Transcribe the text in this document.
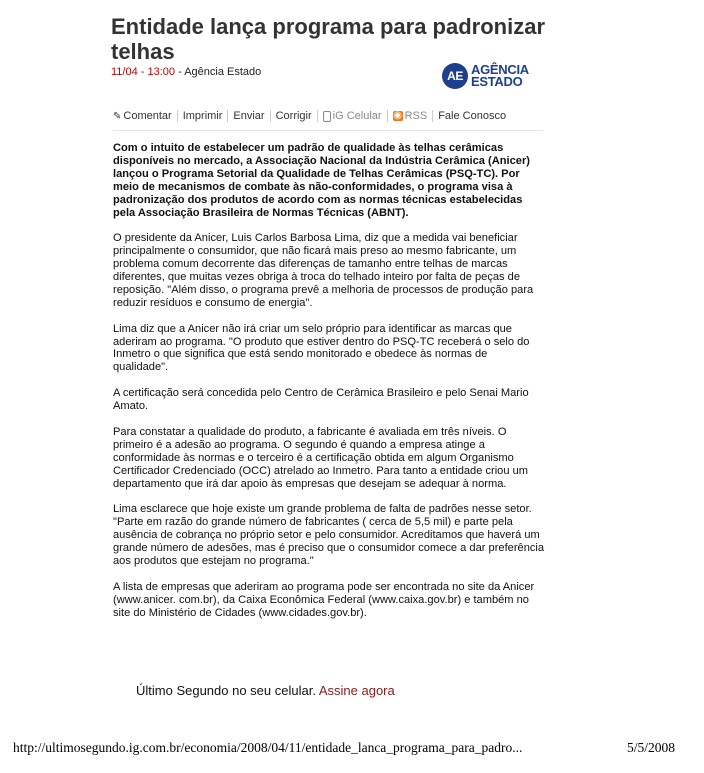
Entidade lança programa para padronizar telhas
11/04 - 13:00 - Agência Estado	AE AGÊNCIA
ESTADO
✎ Comentar	Imprimir	Enviar	Corrigir	iG Celular ◉ RSS	Fale Conosco

Com o intuito de estabelecer um padrão de qualidade às telhas cerâmicas disponíveis no mercado, a Associação Nacional da Indústria Cerâmica (Anicer) lançou o Programa Setorial da Qualidade de Telhas Cerâmicas (PSQ-TC). Por meio de mecanismos de combate às não-conformidades, o programa visa à padronização dos produtos de acordo com as normas técnicas estabelecidas pela Associação Brasileira de Normas Técnicas (ABNT).

O presidente da Anicer, Luis Carlos Barbosa Lima, diz que a medida vai beneficiar principalmente o consumidor, que não ficará mais preso ao mesmo fabricante, um problema comum decorrente das diferenças de tamanho entre telhas de marcas diferentes, que muitas vezes obriga à troca do telhado inteiro por falta de peças de reposição. "Além disso, o programa prevê a melhoria de processos de produção para reduzir resíduos e consumo de energia".

Lima diz que a Anicer não irá criar um selo próprio para identificar as marcas que aderiram ao programa. "O produto que estiver dentro do PSQ-TC receberá o selo do Inmetro o que significa que está sendo monitorado e obedece às normas de qualidade".

A certificação será concedida pelo Centro de Cerâmica Brasileiro e pelo Senai Mario Amato.

Para constatar a qualidade do produto, a fabricante é avaliada em três níveis. O primeiro é a adesão ao programa. O segundo é quando a empresa atinge a conformidade às normas e o terceiro é a certificação obtida em algum Organismo Certificador Credenciado (OCC) atrelado ao Inmetro. Para tanto a entidade criou um departamento que irá dar apoio às empresas que desejam se adequar à norma.

Lima esclarece que hoje existe um grande problema de falta de padrões nesse setor. "Parte em razão do grande número de fabricantes ( cerca de 5,5 mil) e parte pela ausência de cobrança no próprio setor e pelo consumidor. Acreditamos que haverá um grande número de adesões, mas é preciso que o consumidor comece a dar preferência aos produtos que estejam no programa."

A lista de empresas que aderiram ao programa pode ser encontrada no site da Anicer (www.anicer. com.br), da Caixa Econômica Federal (www.caixa.gov.br) e também no site do Ministério de Cidades (www.cidades.gov.br).

Último Segundo no seu celular. Assine agora
http://ultimosegundo.ig.com.br/economia/2008/04/11/entidade_lanca_programa_para_padro...	5/5/2008
